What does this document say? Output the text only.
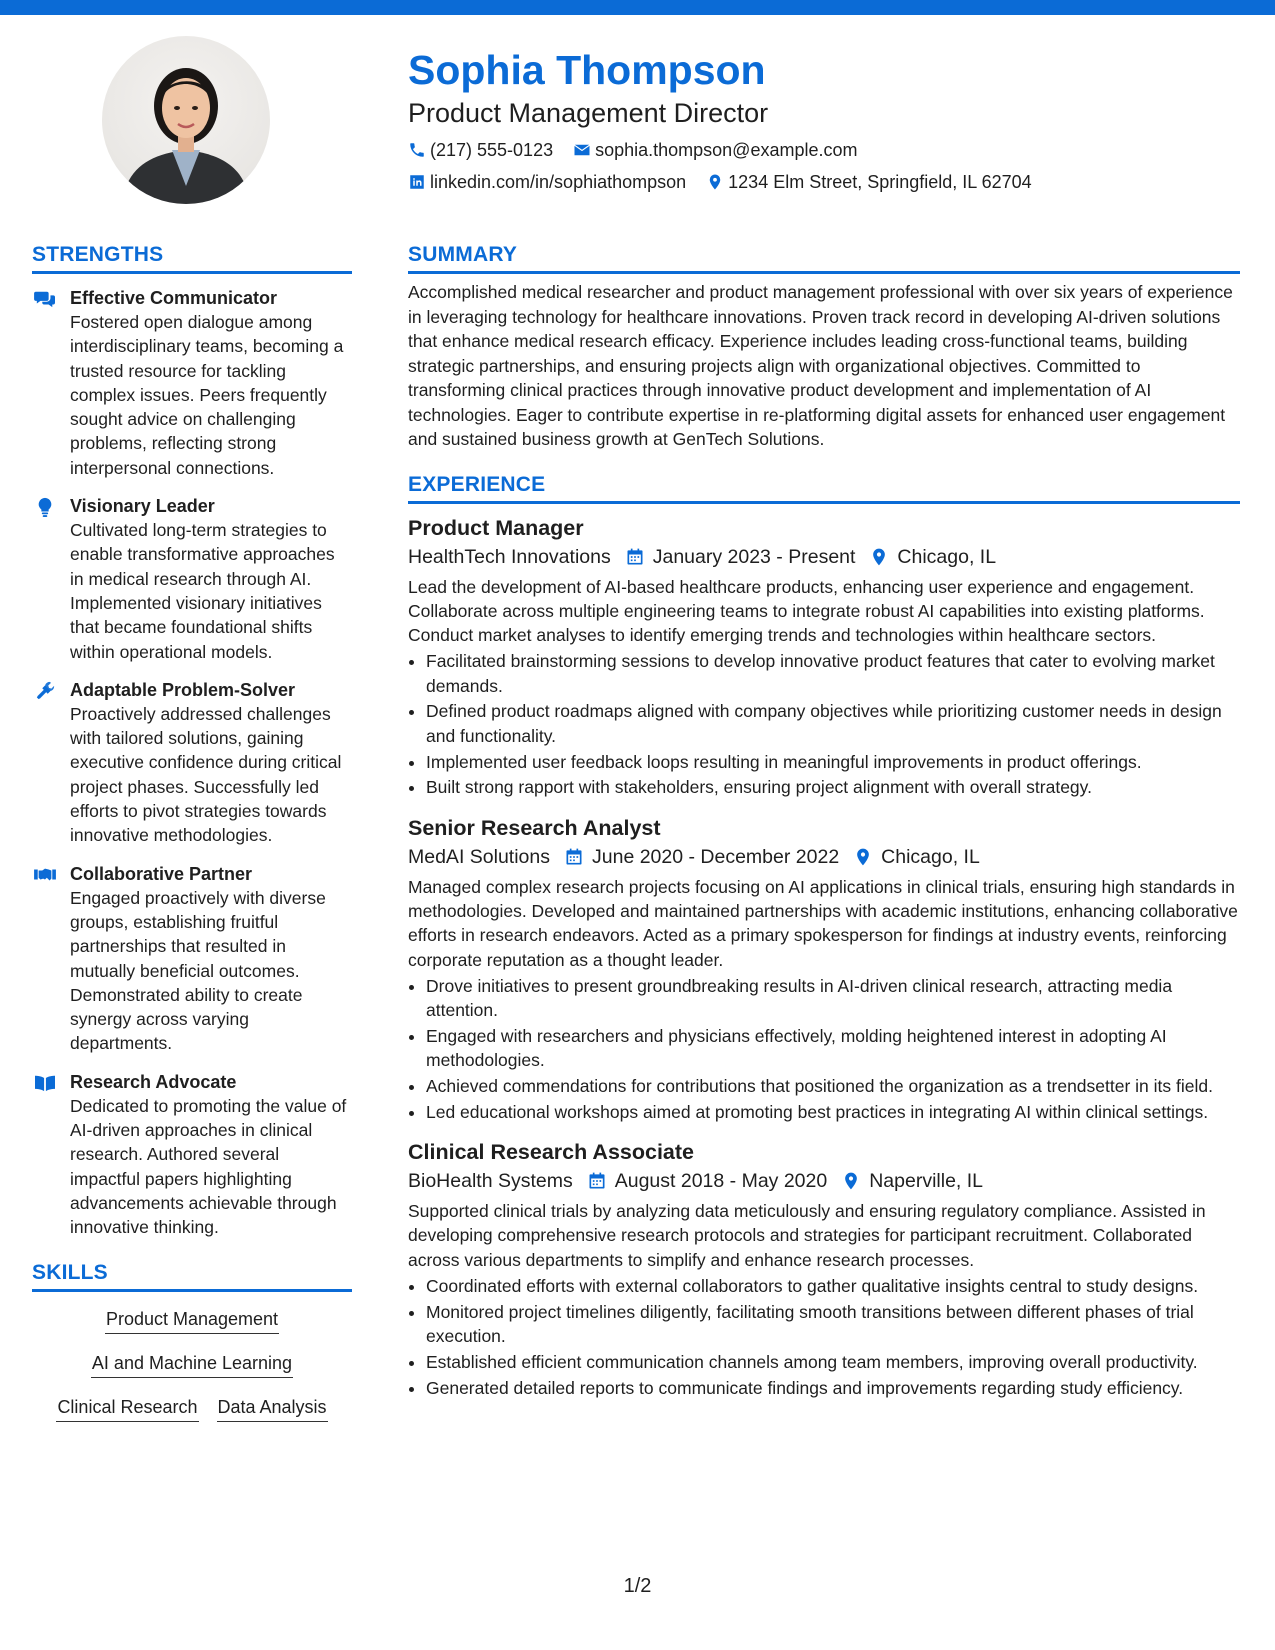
Sophia Thompson
Product Management Director
(217) 555-0123 sophia.thompson@example.com
linkedin.com/in/sophiathompson 1234 Elm Street, Springfield, IL 62704
STRENGTHS
Effective Communicator
Fostered open dialogue among interdisciplinary teams, becoming a trusted resource for tackling complex issues. Peers frequently sought advice on challenging problems, reflecting strong interpersonal connections.
Visionary Leader
Cultivated long-term strategies to enable transformative approaches in medical research through AI. Implemented visionary initiatives that became foundational shifts within operational models.
Adaptable Problem-Solver
Proactively addressed challenges with tailored solutions, gaining executive confidence during critical project phases. Successfully led efforts to pivot strategies towards innovative methodologies.
Collaborative Partner
Engaged proactively with diverse groups, establishing fruitful partnerships that resulted in mutually beneficial outcomes. Demonstrated ability to create synergy across varying departments.
Research Advocate
Dedicated to promoting the value of AI-driven approaches in clinical research. Authored several impactful papers highlighting advancements achievable through innovative thinking.
SKILLS
Product Management
AI and Machine Learning
Clinical Research Data Analysis
SUMMARY

Accomplished medical researcher and product management professional with over six years of experience in leveraging technology for healthcare innovations. Proven track record in developing AI-driven solutions that enhance medical research efficacy. Experience includes leading cross-functional teams, building strategic partnerships, and ensuring projects align with organizational objectives. Committed to transforming clinical practices through innovative product development and implementation of AI technologies. Eager to contribute expertise in re-platforming digital assets for enhanced user engagement and sustained business growth at GenTech Solutions.

EXPERIENCE
Product Manager
HealthTech Innovations January 2023 - Present Chicago, IL

Lead the development of AI-based healthcare products, enhancing user experience and engagement. Collaborate across multiple engineering teams to integrate robust AI capabilities into existing platforms. Conduct market analyses to identify emerging trends and technologies within healthcare sectors.

• Facilitated brainstorming sessions to develop innovative product features that cater to evolving market demands.
• Defined product roadmaps aligned with company objectives while prioritizing customer needs in design and functionality.
• Implemented user feedback loops resulting in meaningful improvements in product offerings.
• Built strong rapport with stakeholders, ensuring project alignment with overall strategy.
Senior Research Analyst
MedAI Solutions June 2020 - December 2022 Chicago, IL

Managed complex research projects focusing on AI applications in clinical trials, ensuring high standards in methodologies. Developed and maintained partnerships with academic institutions, enhancing collaborative efforts in research endeavors. Acted as a primary spokesperson for findings at industry events, reinforcing corporate reputation as a thought leader.

• Drove initiatives to present groundbreaking results in AI-driven clinical research, attracting media attention.
• Engaged with researchers and physicians effectively, molding heightened interest in adopting AI methodologies.
• Achieved commendations for contributions that positioned the organization as a trendsetter in its field.
• Led educational workshops aimed at promoting best practices in integrating AI within clinical settings.
Clinical Research Associate
BioHealth Systems August 2018 - May 2020 Naperville, IL

Supported clinical trials by analyzing data meticulously and ensuring regulatory compliance. Assisted in developing comprehensive research protocols and strategies for participant recruitment. Collaborated across various departments to simplify and enhance research processes.

• Coordinated efforts with external collaborators to gather qualitative insights central to study designs.
• Monitored project timelines diligently, facilitating smooth transitions between different phases of trial execution.
• Established efficient communication channels among team members, improving overall productivity.
• Generated detailed reports to communicate findings and improvements regarding study efficiency.
1/2
